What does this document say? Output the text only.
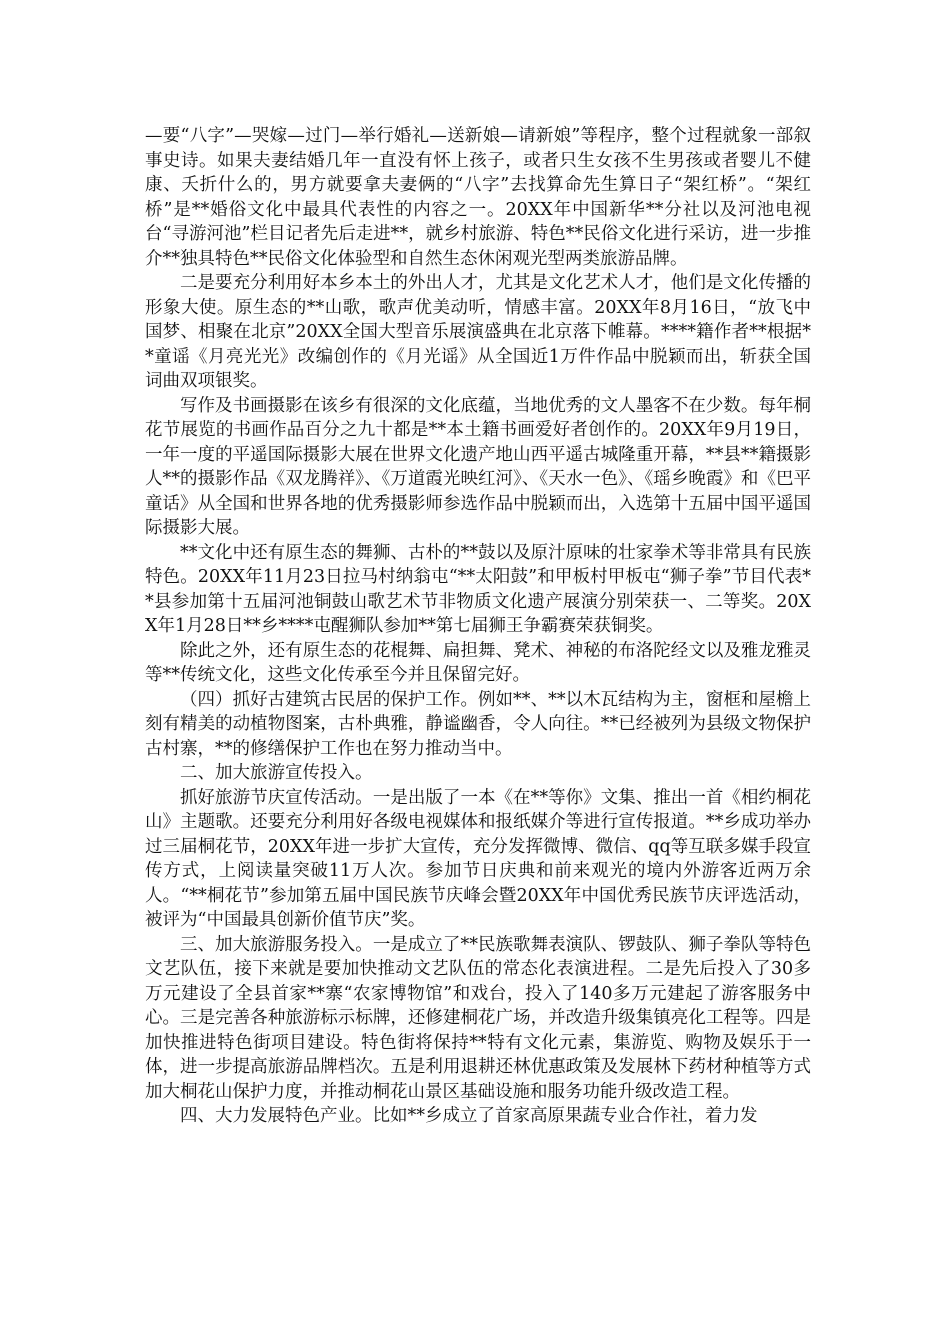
—要“八字”—哭嫁—过门—举行婚礼—送新娘—请新娘”等程序，整个过程就象一部叙事史诗。如果夫妻结婚几年一直没有怀上孩子，或者只生女孩不生男孩或者婴儿不健康、夭折什么的，男方就要拿夫妻俩的“八字”去找算命先生算日子“架红桥”。“架红桥”是**婚俗文化中最具代表性的内容之一。20XX年中国新华**分社以及河池电视台“寻游河池”栏目记者先后走进**，就乡村旅游、特色**民俗文化进行采访，进一步推介**独具特色**民俗文化体验型和自然生态休闲观光型两类旅游品牌。

二是要充分利用好本乡本土的外出人才，尤其是文化艺术人才，他们是文化传播的形象大使。原生态的**山歌，歌声优美动听，情感丰富。20XX年8月16日，“放飞中国梦、相聚在北京”20XX全国大型音乐展演盛典在北京落下帷幕。****籍作者**根据**童谣《月亮光光》改编创作的《月光谣》从全国近1万件作品中脱颖而出，斩获全国词曲双项银奖。

写作及书画摄影在该乡有很深的文化底蕴，当地优秀的文人墨客不在少数。每年桐花节展览的书画作品百分之九十都是**本土籍书画爱好者创作的。20XX年9月19日，一年一度的平遥国际摄影大展在世界文化遗产地山西平遥古城隆重开幕，**县**籍摄影人**的摄影作品《双龙腾祥》、《万道霞光映红河》、《天水一色》、《瑶乡晚霞》和《巴平童话》从全国和世界各地的优秀摄影师参选作品中脱颖而出，入选第十五届中国平遥国际摄影大展。

**文化中还有原生态的舞狮、古朴的**鼓以及原汁原味的壮家拳术等非常具有民族特色。20XX年11月23日拉马村纳翁屯“**太阳鼓”和甲板村甲板屯“狮子拳”节目代表**县参加第十五届河池铜鼓山歌艺术节非物质文化遗产展演分别荣获一、二等奖。20XX年1月28日**乡****屯醒狮队参加**第七届狮王争霸赛荣获铜奖。

除此之外，还有原生态的花棍舞、扁担舞、凳术、神秘的布洛陀经文以及雅龙雅灵等**传统文化，这些文化传承至今并且保留完好。

（四）抓好古建筑古民居的保护工作。例如**、**以木瓦结构为主，窗框和屋檐上刻有精美的动植物图案，古朴典雅，静谧幽香，令人向往。**已经被列为县级文物保护古村寨，**的修缮保护工作也在努力推动当中。

二、加大旅游宣传投入。

抓好旅游节庆宣传活动。一是出版了一本《在**等你》文集、推出一首《相约桐花山》主题歌。还要充分利用好各级电视媒体和报纸媒介等进行宣传报道。**乡成功举办过三届桐花节，20XX年进一步扩大宣传，充分发挥微博、微信、qq等互联多媒手段宣传方式，上阅读量突破11万人次。参加节日庆典和前来观光的境内外游客近两万余人。“**桐花节”参加第五届中国民族节庆峰会暨20XX年中国优秀民族节庆评选活动，被评为“中国最具创新价值节庆”奖。

三、加大旅游服务投入。一是成立了**民族歌舞表演队、锣鼓队、狮子拳队等特色文艺队伍，接下来就是要加快推动文艺队伍的常态化表演进程。二是先后投入了30多万元建设了全县首家**寨“农家博物馆”和戏台，投入了140多万元建起了游客服务中心。三是完善各种旅游标示标牌，还修建桐花广场，并改造升级集镇亮化工程等。四是加快推进特色街项目建设。特色街将保持**特有文化元素，集游览、购物及娱乐于一体，进一步提高旅游品牌档次。五是利用退耕还林优惠政策及发展林下药材种植等方式加大桐花山保护力度，并推动桐花山景区基础设施和服务功能升级改造工程。

四、大力发展特色产业。比如**乡成立了首家高原果蔬专业合作社，着力发
